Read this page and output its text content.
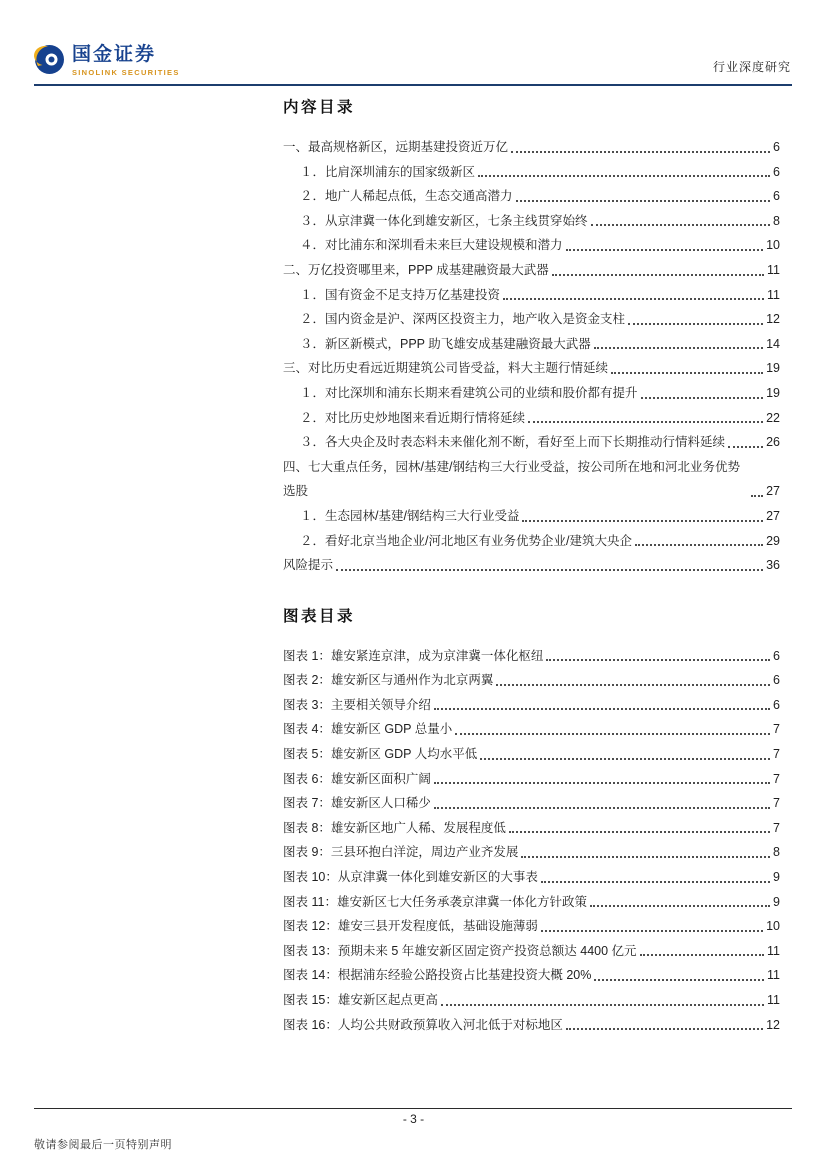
国金证券
SINOLINK SECURITIES	行业深度研究
内容目录
一、最高规格新区，远期基建投资近万亿	6
１．比肩深圳浦东的国家级新区	6
２．地广人稀起点低，生态交通高潜力	6
３．从京津冀一体化到雄安新区，七条主线贯穿始终	8
４．对比浦东和深圳看未来巨大建设规模和潜力	10
二、万亿投资哪里来，PPP 成基建融资最大武器	11
１．国有资金不足支持万亿基建投资	11
２．国内资金是沪、深两区投资主力，地产收入是资金支柱	12
３．新区新模式，PPP 助飞雄安成基建融资最大武器	14
三、对比历史看远近期建筑公司皆受益，料大主题行情延续	19
１．对比深圳和浦东长期来看建筑公司的业绩和股价都有提升	19
２．对比历史炒地图来看近期行情将延续	22
３．各大央企及时表态料未来催化剂不断，看好至上而下长期推动行情料延续	26
四、七大重点任务，园林/基建/钢结构三大行业受益，按公司所在地和河北业务优势选股	27
１．生态园林/基建/钢结构三大行业受益	27
２．看好北京当地企业/河北地区有业务优势企业/建筑大央企	29
风险提示	36
图表目录
图表 1：雄安紧连京津，成为京津冀一体化枢纽	6
图表 2：雄安新区与通州作为北京两翼	6
图表 3：主要相关领导介绍	6
图表 4：雄安新区 GDP 总量小	7
图表 5：雄安新区 GDP 人均水平低	7
图表 6：雄安新区面积广阔	7
图表 7：雄安新区人口稀少	7
图表 8：雄安新区地广人稀、发展程度低	7
图表 9：三县环抱白洋淀，周边产业齐发展	8
图表 10：从京津冀一体化到雄安新区的大事表	9
图表 11：雄安新区七大任务承袭京津冀一体化方针政策	9
图表 12：雄安三县开发程度低，基础设施薄弱	10
图表 13：预期未来 5 年雄安新区固定资产投资总额达 4400 亿元	11
图表 14：根据浦东经验公路投资占比基建投资大概 20%	11
图表 15：雄安新区起点更高	11
图表 16：人均公共财政预算收入河北低于对标地区	12
- 3 -
敬请参阅最后一页特别声明
